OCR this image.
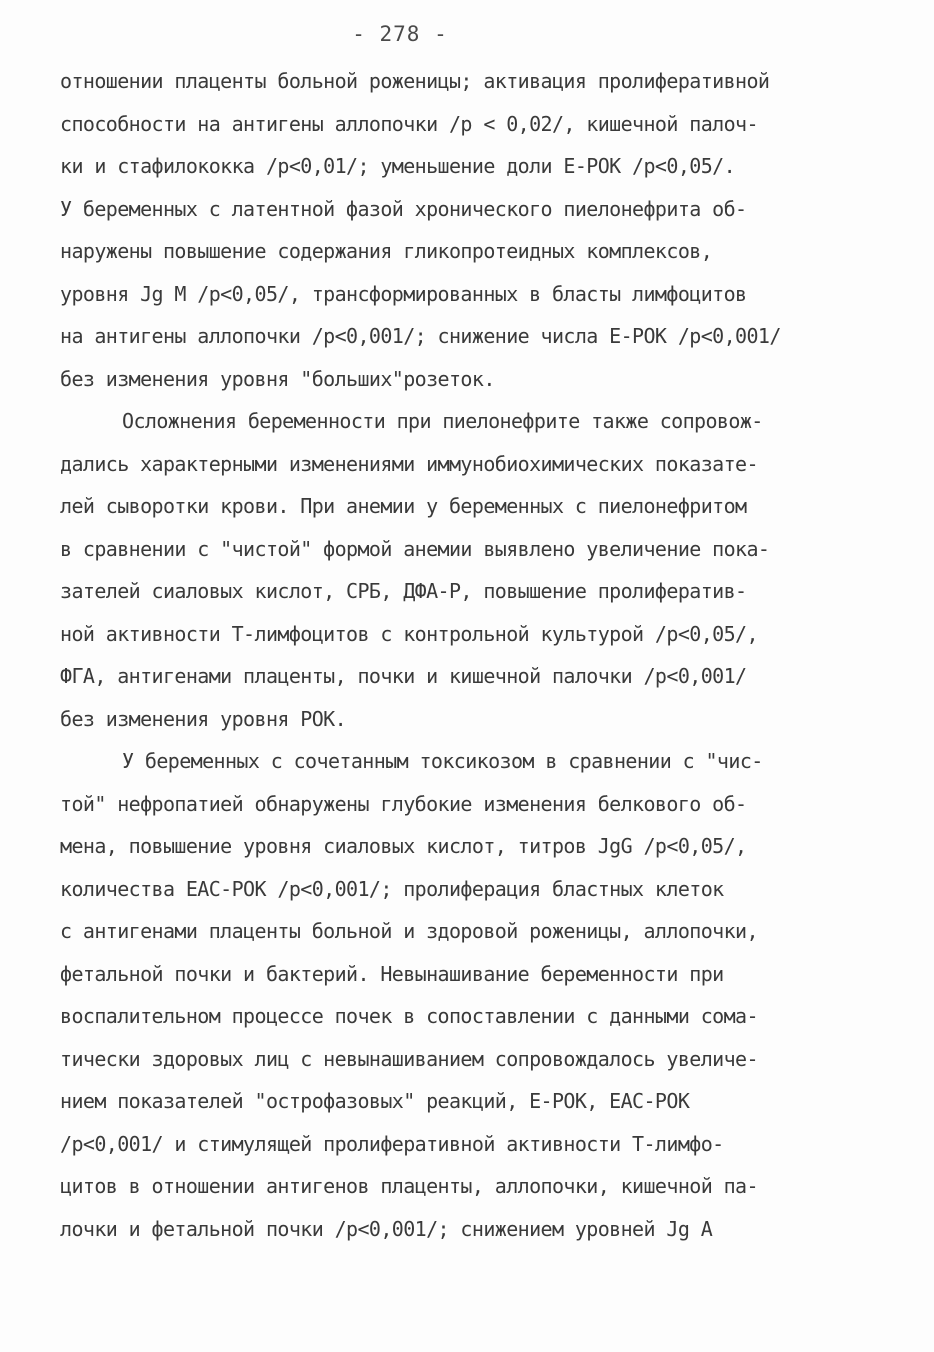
- 278 -
отношении плаценты больной роженицы; активация пролиферативной
способности на антигены аллопочки /р < 0,02/, кишечной палоч-
ки и стафилококка /р<0,01/; уменьшение доли Е-РОК /р<0,05/.
У беременных с латентной фазой хронического пиелонефрита об-
наружены повышение содержания гликопротеидных комплексов,
уровня Jg М /р<0,05/, трансформированных в бласты лимфоцитов
на антигены аллопочки /р<0,001/; снижение числа Е-РОК /р<0,001/
без изменения уровня "больших"розеток.
Осложнения беременности при пиелонефрите также сопровож-
дались характерными изменениями иммунобиохимических показате-
лей сыворотки крови. При анемии у беременных с пиелонефритом
в сравнении с "чистой" формой анемии выявлено увеличение пока-
зателей сиаловых кислот, СРБ, ДФА-Р, повышение пролифератив-
ной активности Т-лимфоцитов с контрольной культурой /р<0,05/,
ФГА, антигенами плаценты, почки и кишечной палочки /р<0,001/
без изменения уровня РОК.
У беременных с сочетанным токсикозом в сравнении с "чис-
той" нефропатией обнаружены глубокие изменения белкового об-
мена, повышение уровня сиаловых кислот, титров JgG /р<0,05/,
количества ЕАС-РОК /р<0,001/; пролиферация бластных клеток
с антигенами плаценты больной и здоровой роженицы, аллопочки,
фетальной почки и бактерий. Невынашивание беременности при
воспалительном процессе почек в сопоставлении с данными сома-
тически здоровых лиц с невынашиванием сопровождалось увеличе-
нием показателей "острофазовых" реакций, Е-РОК, ЕАС-РОК
/р<0,001/ и стимулящей пролиферативной активности Т-лимфо-
цитов в отношении антигенов плаценты, аллопочки, кишечной па-
лочки и фетальной почки /р<0,001/; снижением уровней Jg А
